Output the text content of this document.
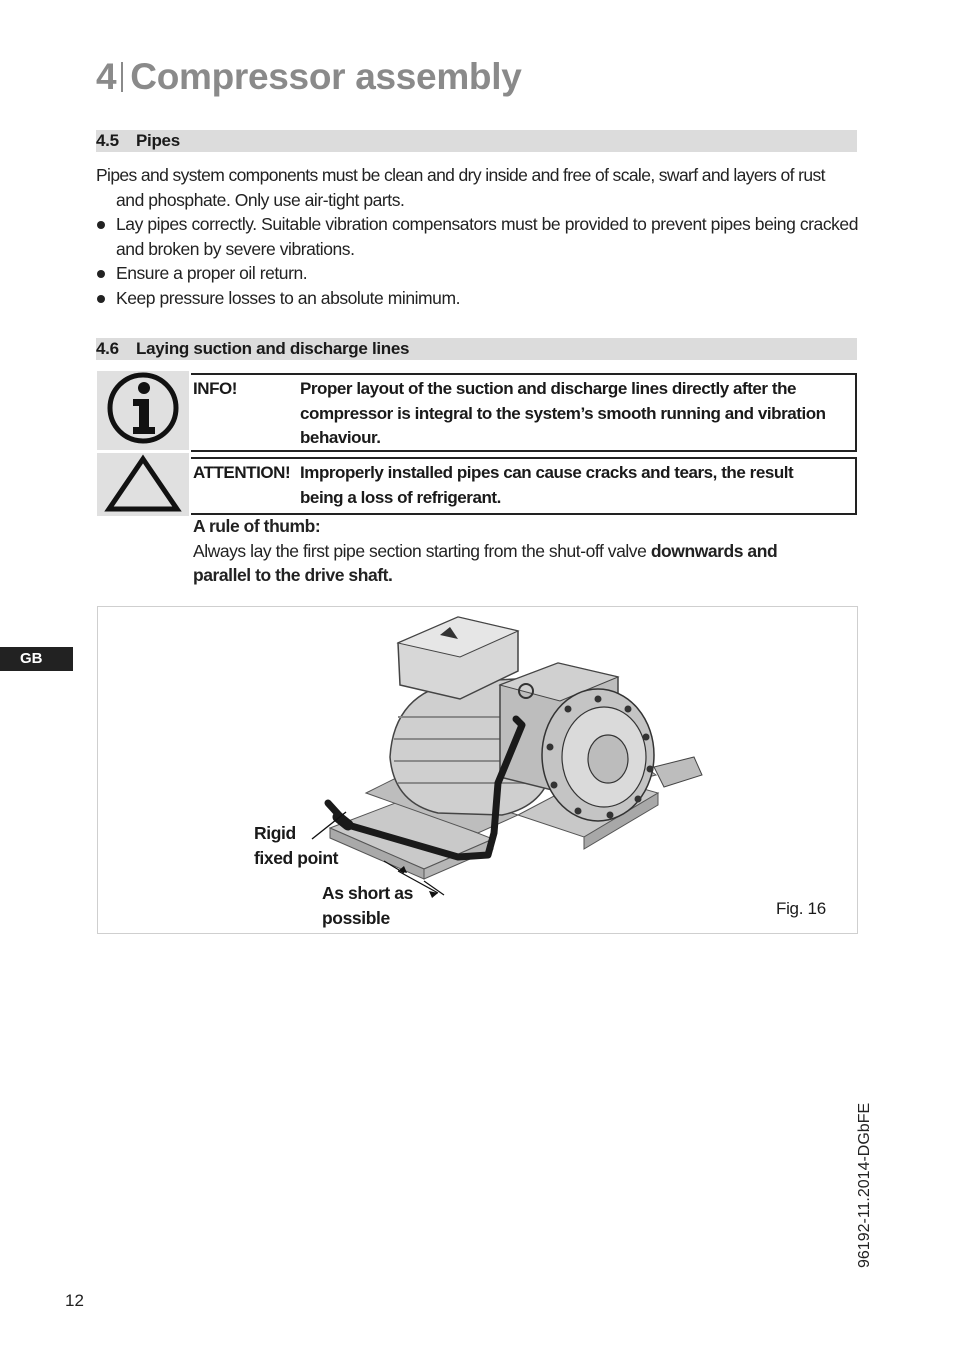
4 Compressor assembly
4.5 Pipes
Pipes and system components must be clean and dry inside and free of scale, swarf and layers of rust
and phosphate. Only use air-tight parts.
Lay pipes correctly. Suitable vibration compensators must be provided to prevent pipes being cracked and broken by severe vibrations.
Ensure a proper oil return.
Keep pressure losses to an absolute minimum.
4.6 Laying suction and discharge lines
INFO!	Proper layout of the suction and discharge lines directly after the compressor is integral to the system’s smooth running and vibration behaviour.
ATTENTION! Improperly installed pipes can cause cracks and tears, the result being a loss of refrigerant.
A rule of thumb:
Always lay the first pipe section starting from the shut-off valve downwards and parallel to the drive shaft.
GB
Rigid
fixed point
As short as
possible	Fig. 16
96192-11.2014-DGbFE
12
